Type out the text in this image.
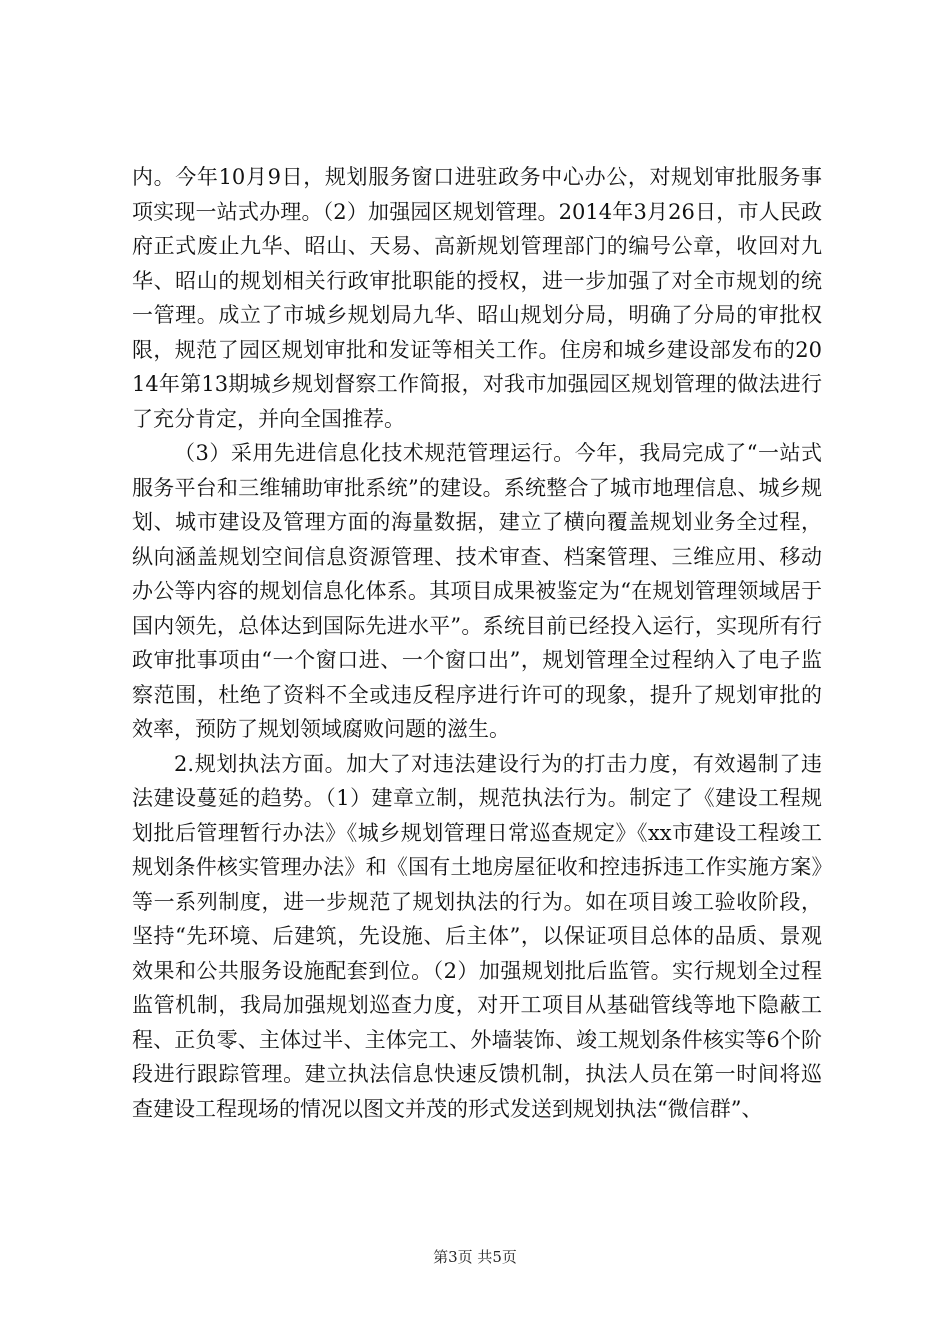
内。今年10月9日，规划服务窗口进驻政务中心办公，对规划审批服务事项实现一站式办理。（2）加强园区规划管理。2014年3月26日，市人民政府正式废止九华、昭山、天易、高新规划管理部门的编号公章，收回对九华、昭山的规划相关行政审批职能的授权，进一步加强了对全市规划的统一管理。成立了市城乡规划局九华、昭山规划分局，明确了分局的审批权限，规范了园区规划审批和发证等相关工作。住房和城乡建设部发布的2014年第13期城乡规划督察工作简报，对我市加强园区规划管理的做法进行了充分肯定，并向全国推荐。

（3）采用先进信息化技术规范管理运行。今年，我局完成了“一站式服务平台和三维辅助审批系统”的建设。系统整合了城市地理信息、城乡规划、城市建设及管理方面的海量数据，建立了横向覆盖规划业务全过程，纵向涵盖规划空间信息资源管理、技术审查、档案管理、三维应用、移动办公等内容的规划信息化体系。其项目成果被鉴定为“在规划管理领域居于国内领先，总体达到国际先进水平”。系统目前已经投入运行，实现所有行政审批事项由“一个窗口进、一个窗口出”，规划管理全过程纳入了电子监察范围，杜绝了资料不全或违反程序进行许可的现象，提升了规划审批的效率，预防了规划领域腐败问题的滋生。

2.规划执法方面。加大了对违法建设行为的打击力度，有效遏制了违法建设蔓延的趋势。（1）建章立制，规范执法行为。制定了《建设工程规划批后管理暂行办法》《城乡规划管理日常巡查规定》《xx市建设工程竣工规划条件核实管理办法》和《国有土地房屋征收和控违拆违工作实施方案》等一系列制度，进一步规范了规划执法的行为。如在项目竣工验收阶段，坚持“先环境、后建筑，先设施、后主体”，以保证项目总体的品质、景观效果和公共服务设施配套到位。（2）加强规划批后监管。实行规划全过程监管机制，我局加强规划巡查力度，对开工项目从基础管线等地下隐蔽工程、正负零、主体过半、主体完工、外墙装饰、竣工规划条件核实等6个阶段进行跟踪管理。建立执法信息快速反馈机制，执法人员在第一时间将巡查建设工程现场的情况以图文并茂的形式发送到规划执法“微信群”、

第3页 共5页
